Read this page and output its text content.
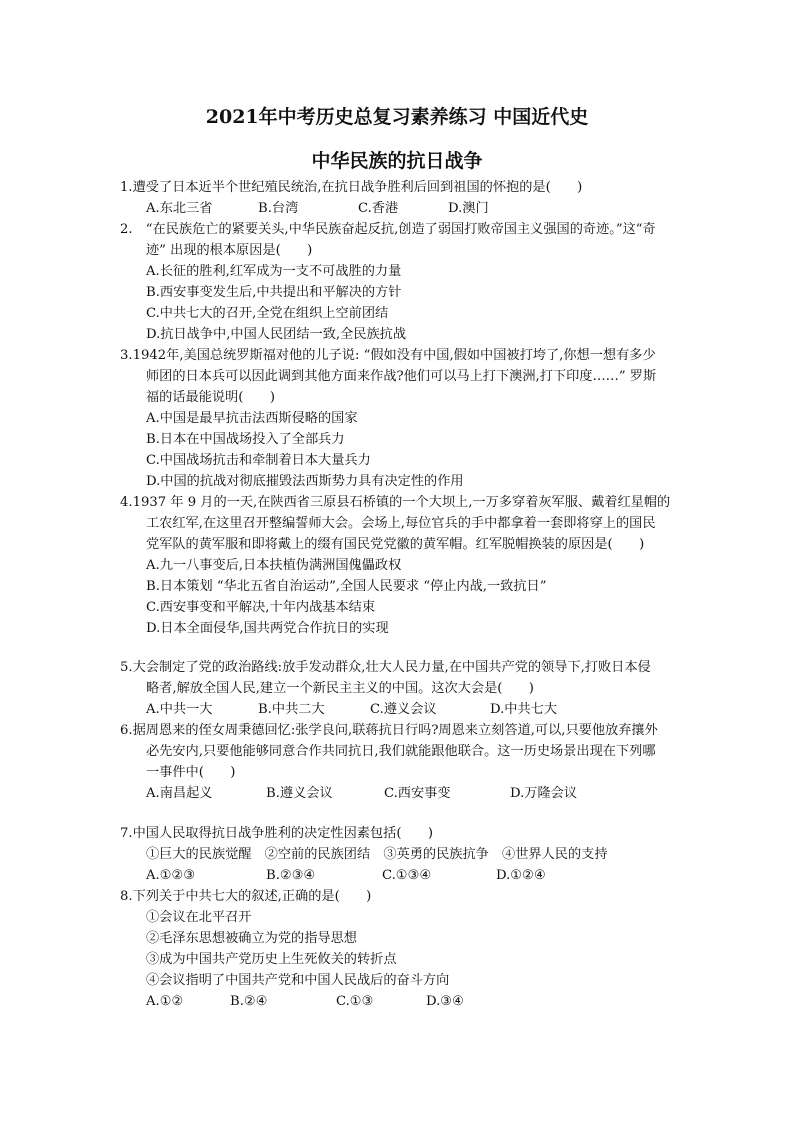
2021年中考历史总复习素养练习 中国近代史
中华民族的抗日战争
1.遭受了日本近半个世纪殖民统治,在抗日战争胜利后回到祖国的怀抱的是(　　)
A.东北三省	B.台湾	C.香港	D.澳门
2.　“在民族危亡的紧要关头,中华民族奋起反抗,创造了弱国打败帝国主义强国的奇迹。”这“奇
迹” 出现的根本原因是(　　)
A.长征的胜利,红军成为一支不可战胜的力量
B.西安事变发生后,中共提出和平解决的方针
C.中共七大的召开,全党在组织上空前团结
D.抗日战争中,中国人民团结一致,全民族抗战
3.1942年,美国总统罗斯福对他的儿子说: “假如没有中国,假如中国被打垮了,你想一想有多少
师团的日本兵可以因此调到其他方面来作战?他们可以马上打下澳洲,打下印度……” 罗斯
福的话最能说明(　　)
A.中国是最早抗击法西斯侵略的国家
B.日本在中国战场投入了全部兵力
C.中国战场抗击和牵制着日本大量兵力
D.中国的抗战对彻底摧毁法西斯势力具有决定性的作用
4.1937 年 9 月的一天,在陕西省三原县石桥镇的一个大坝上,一万多穿着灰军服、戴着红星帽的
工农红军,在这里召开整编誓师大会。会场上,每位官兵的手中都拿着一套即将穿上的国民
党军队的黄军服和即将戴上的缀有国民党党徽的黄军帽。红军脱帽换装的原因是(　　)
A.九一八事变后,日本扶植伪满洲国傀儡政权
B.日本策划 “华北五省自治运动”,全国人民要求 “停止内战,一致抗日”
C.西安事变和平解决,十年内战基本结束
D.日本全面侵华,国共两党合作抗日的实现
5.大会制定了党的政治路线:放手发动群众,壮大人民力量,在中国共产党的领导下,打败日本侵
略者,解放全国人民,建立一个新民主主义的中国。这次大会是(　　)
A.中共一大	B.中共二大	C.遵义会议	D.中共七大
6.据周恩来的侄女周秉德回忆:张学良问,联蒋抗日行吗?周恩来立刻答道,可以,只要他放弃攘外
必先安内,只要他能够同意合作共同抗日,我们就能跟他联合。这一历史场景出现在下列哪
一事件中(　　)
A.南昌起义	B.遵义会议	C.西安事变	D.万隆会议
7.中国人民取得抗日战争胜利的决定性因素包括(　　)
①巨大的民族觉醒　②空前的民族团结　③英勇的民族抗争　④世界人民的支持
A.①②③	B.②③④	C.①③④	D.①②④
8.下列关于中共七大的叙述,正确的是(　　)
①会议在北平召开
②毛泽东思想被确立为党的指导思想
③成为中国共产党历史上生死攸关的转折点
④会议指明了中国共产党和中国人民战后的奋斗方向
A.①②	B.②④	C.①③	D.③④
